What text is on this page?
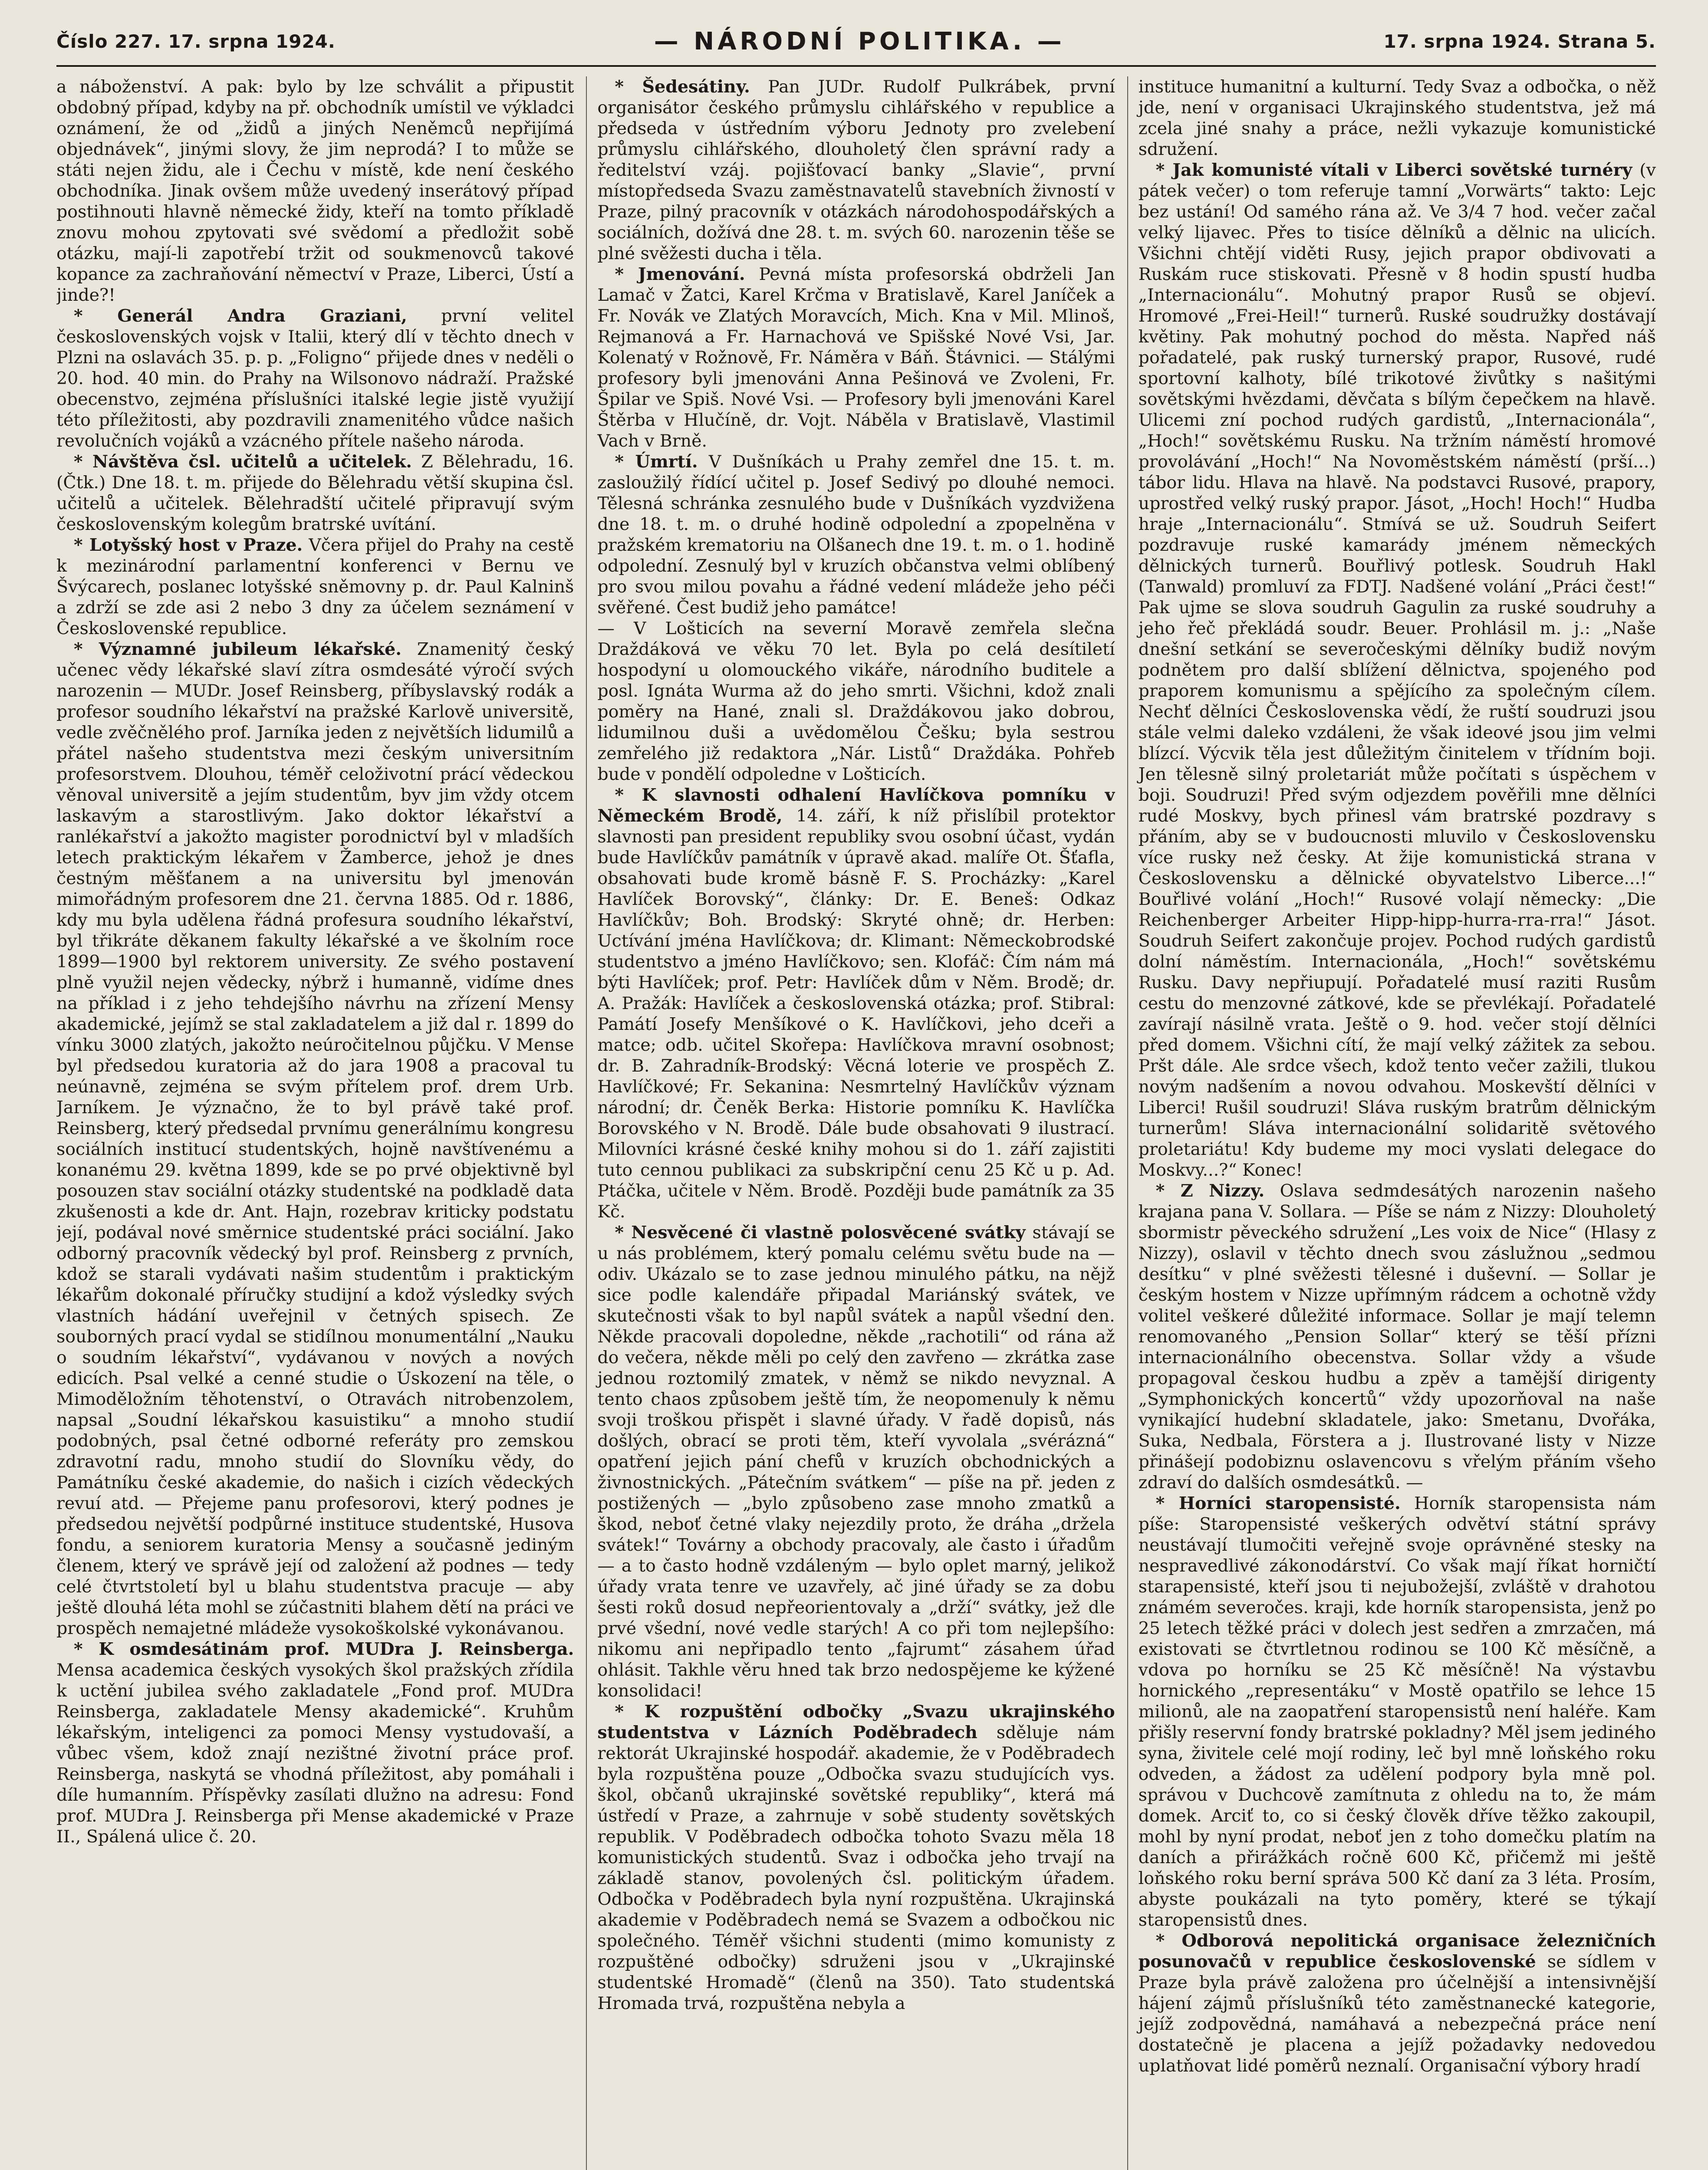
Číslo 227. 17. srpna 1924.	— NÁRODNÍ POLITIKA. —	17. srpna 1924. Strana 5.

a náboženství. A pak: bylo by lze schválit a připustit obdobný případ, kdyby na př. obchodník umístil ve výkladci oznámení, že od „židů a jiných Neněmců nepřijímá objednávek“, jinými slovy, že jim neprodá? I to může se státi nejen židu, ale i Čechu v místě, kde není českého obchodníka. Jinak ovšem může uvedený inserátový případ postihnouti hlavně německé židy, kteří na tomto příkladě znovu mohou zpytovati své svědomí a předložit sobě otázku, mají-li zapotřebí tržit od soukmenovců takové kopance za zachraňování němectví v Praze, Liberci, Ústí a jinde?!

* Generál Andra Graziani, první velitel československých vojsk v Italii, který dlí v těchto dnech v Plzni na oslavách 35. p. p. „Foligno“ přijede dnes v neděli o 20. hod. 40 min. do Prahy na Wilsonovo nádraží. Pražské obecenstvo, zejména příslušníci italské legie jistě využijí této příležitosti, aby pozdravili znamenitého vůdce našich revolučních vojáků a vzácného přítele našeho národa.

* Návštěva čsl. učitelů a učitelek. Z Bělehradu, 16. (Čtk.) Dne 18. t. m. přijede do Bělehradu větší skupina čsl. učitelů a učitelek. Bělehradští učitelé připravují svým československým kolegům bratrské uvítání.

* Lotyšský host v Praze. Včera přijel do Prahy na cestě k mezinárodní parlamentní konferenci v Bernu ve Švýcarech, poslanec lotyšské sněmovny p. dr. Paul Kalninš a zdrží se zde asi 2 nebo 3 dny za účelem seznámení v Československé republice.

* Významné jubileum lékařské. Znamenitý český učenec vědy lékařské slaví zítra osmdesáté výročí svých narozenin — MUDr. Josef Reinsberg, příbyslavský rodák a profesor soudního lékařství na pražské Karlově universitě, vedle zvěčnělého prof. Jarníka jeden z největších lidumilů a přátel našeho studentstva mezi českým universitním profesorstvem. Dlouhou, téměř celoživotní prácí vědeckou věnoval universitě a jejím studentům, byv jim vždy otcem laskavým a starostlivým. Jako doktor lékařství a ranlékařství a jakožto magister porodnictví byl v mladších letech praktickým lékařem v Žamberce, jehož je dnes čestným měšťanem a na universitu byl jmenován mimořádným profesorem dne 21. června 1885. Od r. 1886, kdy mu byla udělena řádná profesura soudního lékařství, byl třikráte děkanem fakulty lékařské a ve školním roce 1899—1900 byl rektorem university. Ze svého postavení plně využil nejen vědecky, nýbrž i humanně, vidíme dnes na příklad i z jeho tehdejšího návrhu na zřízení Mensy akademické, jejímž se stal zakladatelem a již dal r. 1899 do vínku 3000 zlatých, jakožto neúročitelnou půjčku. V Mense byl předsedou kuratoria až do jara 1908 a pracoval tu neúnavně, zejména se svým přítelem prof. drem Urb. Jarníkem. Je význačno, že to byl právě také prof. Reinsberg, který předsedal prvnímu generálnímu kongresu sociálních institucí studentských, hojně navštívenému a konanému 29. května 1899, kde se po prvé objektivně byl posouzen stav sociální otázky studentské na podkladě data zkušenosti a kde dr. Ant. Hajn, rozebrav kriticky podstatu její, podával nové směrnice studentské práci sociální. Jako odborný pracovník vědecký byl prof. Reinsberg z prvních, kdož se starali vydávati našim studentům i praktickým lékařům dokonalé příručky studijní a kdož výsledky svých vlastních hádání uveřejnil v četných spisech. Ze souborných prací vydal se stidílnou monumentální „Nauku o soudním lékařství“, vydávanou v nových a nových edicích. Psal velké a cenné studie o Úskození na těle, o Mimoděložním těhotenství, o Otravách nitrobenzolem, napsal „Soudní lékařskou kasuistiku“ a mnoho studií podobných, psal četné odborné referáty pro zemskou zdravotní radu, mnoho studií do Slovníku vědy, do Památníku české akademie, do našich i cizích vědeckých revuí atd. — Přejeme panu profesorovi, který podnes je předsedou největší podpůrné instituce studentské, Husova fondu, a seniorem kuratoria Mensy a současně jediným členem, který ve správě její od založení až podnes — tedy celé čtvrtstoletí byl u blahu studentstva pracuje — aby ještě dlouhá léta mohl se zúčastniti blahem dětí na práci ve prospěch nemajetné mládeže vysokoškolské vykonávanou.

* K osmdesátinám prof. MUDra J. Reinsberga. Mensa academica českých vysokých škol pražských zřídila k uctění jubilea svého zakladatele „Fond prof. MUDra Reinsberga, zakladatele Mensy akademické“. Kruhům lékařským, inteligenci za pomoci Mensy vystudovaší, a vůbec všem, kdož znají nezištné životní práce prof. Reinsberga, naskytá se vhodná příležitost, aby pomáhali i díle humanním. Příspěvky zasílati dlužno na adresu: Fond prof. MUDra J. Reinsberga při Mense akademické v Praze II., Spálená ulice č. 20.

* Šedesátiny. Pan JUDr. Rudolf Pulkrábek, první organisátor českého průmyslu cihlářského v republice a předseda v ústředním výboru Jednoty pro zvelebení průmyslu cihlářského, dlouholetý člen správní rady a ředitelství vzáj. pojišťovací banky „Slavie“, první místopředseda Svazu zaměstnavatelů stavebních živností v Praze, pilný pracovník v otázkách národohospodářských a sociálních, dožívá dne 28. t. m. svých 60. narozenin těše se plné svěžesti ducha i těla.

* Jmenování. Pevná místa profesorská obdrželi Jan Lamač v Žatci, Karel Krčma v Bratislavě, Karel Janíček a Fr. Novák ve Zlatých Moravcích, Mich. Kna v Mil. Mlinoš, Rejmanová a Fr. Harnachová ve Spišské Nové Vsi, Jar. Kolenatý v Rožnově, Fr. Náměra v Báň. Štávnici. — Stálými profesory byli jmenováni Anna Pešinová ve Zvoleni, Fr. Špilar ve Spiš. Nové Vsi. — Profesory byli jmenováni Karel Štěrba v Hlučíně, dr. Vojt. Náběla v Bratislavě, Vlastimil Vach v Brně.

* Úmrtí. V Dušníkách u Prahy zemřel dne 15. t. m. zasloužilý řídící učitel p. Josef Sedivý po dlouhé nemoci. Tělesná schránka zesnulého bude v Dušníkách vyzdvižena dne 18. t. m. o druhé hodině odpolední a zpopelněna v pražském krematoriu na Olšanech dne 19. t. m. o 1. hodině odpolední. Zesnulý byl v kruzích občanstva velmi oblíbený pro svou milou povahu a řádné vedení mládeže jeho péči svěřené. Čest budiž jeho památce!

— V Lošticích na severní Moravě zemřela slečna Draždáková ve věku 70 let. Byla po celá desítiletí hospodyní u olomouckého vikáře, národního buditele a posl. Ignáta Wurma až do jeho smrti. Všichni, kdož znali poměry na Hané, znali sl. Draždákovou jako dobrou, lidumilnou duši a uvědomělou Češku; byla sestrou zemřelého již redaktora „Nár. Listů“ Draždáka. Pohřeb bude v pondělí odpoledne v Lošticích.

* K slavnosti odhalení Havlíčkova pomníku v Německém Brodě, 14. září, k níž přislíbil protektor slavnosti pan president republiky svou osobní účast, vydán bude Havlíčkův památník v úpravě akad. malíře Ot. Šťafla, obsahovati bude kromě básně F. S. Procházky: „Karel Havlíček Borovský“, články: Dr. E. Beneš: Odkaz Havlíčkův; Boh. Brodský: Skryté ohně; dr. Herben: Uctívání jména Havlíčkova; dr. Klimant: Německobrodské studentstvo a jméno Havlíčkovo; sen. Klofáč: Čím nám má býti Havlíček; prof. Petr: Havlíček dům v Něm. Brodě; dr. A. Pražák: Havlíček a československá otázka; prof. Stibral: Památí Josefy Menšíkové o K. Havlíčkovi, jeho dceři a matce; odb. učitel Skořepa: Havlíčkova mravní osobnost; dr. B. Zahradník-Brodský: Věcná loterie ve prospěch Z. Havlíčkové; Fr. Sekanina: Nesmrtelný Havlíčkův význam národní; dr. Čeněk Berka: Historie pomníku K. Havlíčka Borovského v N. Brodě. Dále bude obsahovati 9 ilustrací. Milovníci krásné české knihy mohou si do 1. září zajistiti tuto cennou publikaci za subskripční cenu 25 Kč u p. Ad. Ptáčka, učitele v Něm. Brodě. Později bude památník za 35 Kč.

* Nesvěcené či vlastně polosvěcené svátky stávají se u nás problémem, který pomalu celému světu bude na — odiv. Ukázalo se to zase jednou minulého pátku, na nějž sice podle kalendáře připadal Mariánský svátek, ve skutečnosti však to byl napůl svátek a napůl všední den. Někde pracovali dopoledne, někde „rachotili“ od rána až do večera, někde měli po celý den zavřeno — zkrátka zase jednou roztomilý zmatek, v němž se nikdo nevyznal. A tento chaos způsobem ještě tím, že neopomenuly k němu svoji troškou přispět i slavné úřady. V řadě dopisů, nás došlých, obrací se proti těm, kteří vyvolala „svérázná“ opatření jejich pání chefů v kruzích obchodnických a živnostnických. „Pátečním svátkem“ — píše na př. jeden z postižených — „bylo způsobeno zase mnoho zmatků a škod, neboť četné vlaky nejezdily proto, že dráha „držela svátek!“ Továrny a obchody pracovaly, ale často i úřadům — a to často hodně vzdáleným — bylo oplet marný, jelikož úřady vrata tenre ve uzavřely, ač jiné úřady se za dobu šesti roků dosud nepřeorientovaly a „drží“ svátky, jež dle prvé všední, nové vedle starých! A co při tom nejlepšího: nikomu ani nepřipadlo tento „fajrumt“ zásahem úřad ohlásit. Takhle věru hned tak brzo nedospějeme ke kýžené konsolidaci!

* K rozpuštění odbočky „Svazu ukrajinského studentstva v Lázních Poděbradech sděluje nám rektorát Ukrajinské hospodář. akademie, že v Poděbradech byla rozpuštěna pouze „Odbočka svazu studujících vys. škol, občanů ukrajinské sovětské republiky“, která má ústředí v Praze, a zahrnuje v sobě studenty sovětských republik. V Poděbradech odbočka tohoto Svazu měla 18 komunistických studentů. Svaz i odbočka jeho trvají na základě stanov, povolených čsl. politickým úřadem. Odbočka v Poděbradech byla nyní rozpuštěna. Ukrajinská akademie v Poděbradech nemá se Svazem a odbočkou nic společného. Téměř všichni studenti (mimo komunisty z rozpuštěné odbočky) sdruženi jsou v „Ukrajinské studentské Hromadě“ (členů na 350). Tato studentská Hromada trvá, rozpuštěna nebyla a

instituce humanitní a kulturní. Tedy Svaz a odbočka, o něž jde, není v organisaci Ukrajinského studentstva, jež má zcela jiné snahy a práce, nežli vykazuje komunistické sdružení.

* Jak komunisté vítali v Liberci sovětské turnéry (v pátek večer) o tom referuje tamní „Vorwärts“ takto: Lejc bez ustání! Od samého rána až. Ve 3/4 7 hod. večer začal velký lijavec. Přes to tisíce dělníků a dělnic na ulicích. Všichni chtějí viděti Rusy, jejich prapor obdivovati a Ruskám ruce stiskovati. Přesně v 8 hodin spustí hudba „Internacionálu“. Mohutný prapor Rusů se objeví. Hromové „Frei-Heil!“ turnerů. Ruské soudružky dostávají květiny. Pak mohutný pochod do města. Napřed náš pořadatelé, pak ruský turnerský prapor, Rusové, rudé sportovní kalhoty, bílé trikotové živůtky s našitými sovětskými hvězdami, děvčata s bílým čepečkem na hlavě. Ulicemi zní pochod rudých gardistů, „Internacionála“, „Hoch!“ sovětskému Rusku. Na tržním náměstí hromové provolávání „Hoch!“ Na Novoměstském náměstí (prší...) tábor lidu. Hlava na hlavě. Na podstavci Rusové, prapory, uprostřed velký ruský prapor. Jásot, „Hoch! Hoch!“ Hudba hraje „Internacionálu“. Stmívá se už. Soudruh Seifert pozdravuje ruské kamarády jménem německých dělnických turnerů. Bouřlivý potlesk. Soudruh Hakl (Tanwald) promluví za FDTJ. Nadšené volání „Práci čest!“ Pak ujme se slova soudruh Gagulin za ruské soudruhy a jeho řeč překládá soudr. Beuer. Prohlásil m. j.: „Naše dnešní setkání se severočeskými dělníky budiž novým podnětem pro další sblížení dělnictva, spojeného pod praporem komunismu a spějícího za společným cílem. Nechť dělníci Československa vědí, že ruští soudruzi jsou stále velmi daleko vzdáleni, že však ideové jsou jim velmi blízcí. Výcvik těla jest důležitým činitelem v třídním boji. Jen tělesně silný proletariát může počítati s úspěchem v boji. Soudruzi! Před svým odjezdem pověřili mne dělníci rudé Moskvy, bych přinesl vám bratrské pozdravy s přáním, aby se v budoucnosti mluvilo v Československu více rusky než česky. At žije komunistická strana v Československu a dělnické obyvatelstvo Liberce...!“ Bouřlivé volání „Hoch!“ Rusové volají německy: „Die Reichenberger Arbeiter Hipp-hipp-hurra-rra-rra!“ Jásot. Soudruh Seifert zakončuje projev. Pochod rudých gardistů dolní náměstím. Internacionála, „Hoch!“ sovětskému Rusku. Davy nepřiupují. Pořadatelé musí raziti Rusům cestu do menzovné zátkové, kde se převlékají. Pořadatelé zavírají násilně vrata. Ještě o 9. hod. večer stojí dělníci před domem. Všichni cítí, že mají velký zážitek za sebou. Pršt dále. Ale srdce všech, kdož tento večer zažili, tlukou novým nadšením a novou odvahou. Moskevští dělníci v Liberci! Rušil soudruzi! Sláva ruským bratrům dělnickým turnerům! Sláva internacionální solidaritě světového proletariátu! Kdy budeme my moci vyslati delegace do Moskvy...?“ Konec!

* Z Nizzy. Oslava sedmdesátých narozenin našeho krajana pana V. Sollara. — Píše se nám z Nizzy: Dlouholetý sbormistr pěveckého sdružení „Les voix de Nice“ (Hlasy z Nizzy), oslavil v těchto dnech svou záslužnou „sedmou desítku“ v plné svěžesti tělesné i duševní. — Sollar je českým hostem v Nizze upřímným rádcem a ochotně vždy volitel veškeré důležité informace. Sollar je mají telemn renomovaného „Pension Sollar“ který se těší přízni internacionálního obecenstva. Sollar vždy a všude propagoval českou hudbu a zpěv a tamější dirigenty „Symphonických koncertů“ vždy upozorňoval na naše vynikající hudební skladatele, jako: Smetanu, Dvořáka, Suka, Nedbala, Förstera a j. Ilustrované listy v Nizze přinášejí podobiznu oslavencovu s vřelým přáním všeho zdraví do dalších osmdesátků. —

* Horníci staropensisté. Horník staropensista nám píše: Staropensisté veškerých odvětví státní správy neustávají tlumočiti veřejně svoje oprávněné stesky na nespravedlivé zákonodárství. Co však mají říkat horničtí starapensisté, kteří jsou ti nejubožejší, zvláště v drahotou známém severočes. kraji, kde horník staropensista, jenž po 25 letech těžké práci v dolech jest sedřen a zmrzačen, má existovati se čtvrtletnou rodinou se 100 Kč měsíčně, a vdova po horníku se 25 Kč měsíčně! Na výstavbu hornického „representáku“ v Mostě opatřilo se lehce 15 milionů, ale na zaopatření staropensistů není haléře. Kam přišly reservní fondy bratrské pokladny? Měl jsem jediného syna, živitele celé mojí rodiny, leč byl mně loňského roku odveden, a žádost za udělení podpory byla mně pol. správou v Duchcově zamítnuta z ohledu na to, že mám domek. Arciť to, co si český člověk dříve těžko zakoupil, mohl by nyní prodat, neboť jen z toho domečku platím na daních a přirážkách ročně 600 Kč, přičemž mi ještě loňského roku berní správa 500 Kč daní za 3 léta. Prosím, abyste poukázali na tyto poměry, které se týkají staropensistů dnes.

* Odborová nepolitická organisace železničních posunovačů v republice československé se sídlem v Praze byla právě založena pro účelnější a intensivnější hájení zájmů příslušníků této zaměstnanecké kategorie, jejíž zodpovědná, namáhavá a nebezpečná práce není dostatečně je placena a jejíž požadavky nedovedou uplatňovat lidé poměrů neznalí. Organisační výbory hradí
